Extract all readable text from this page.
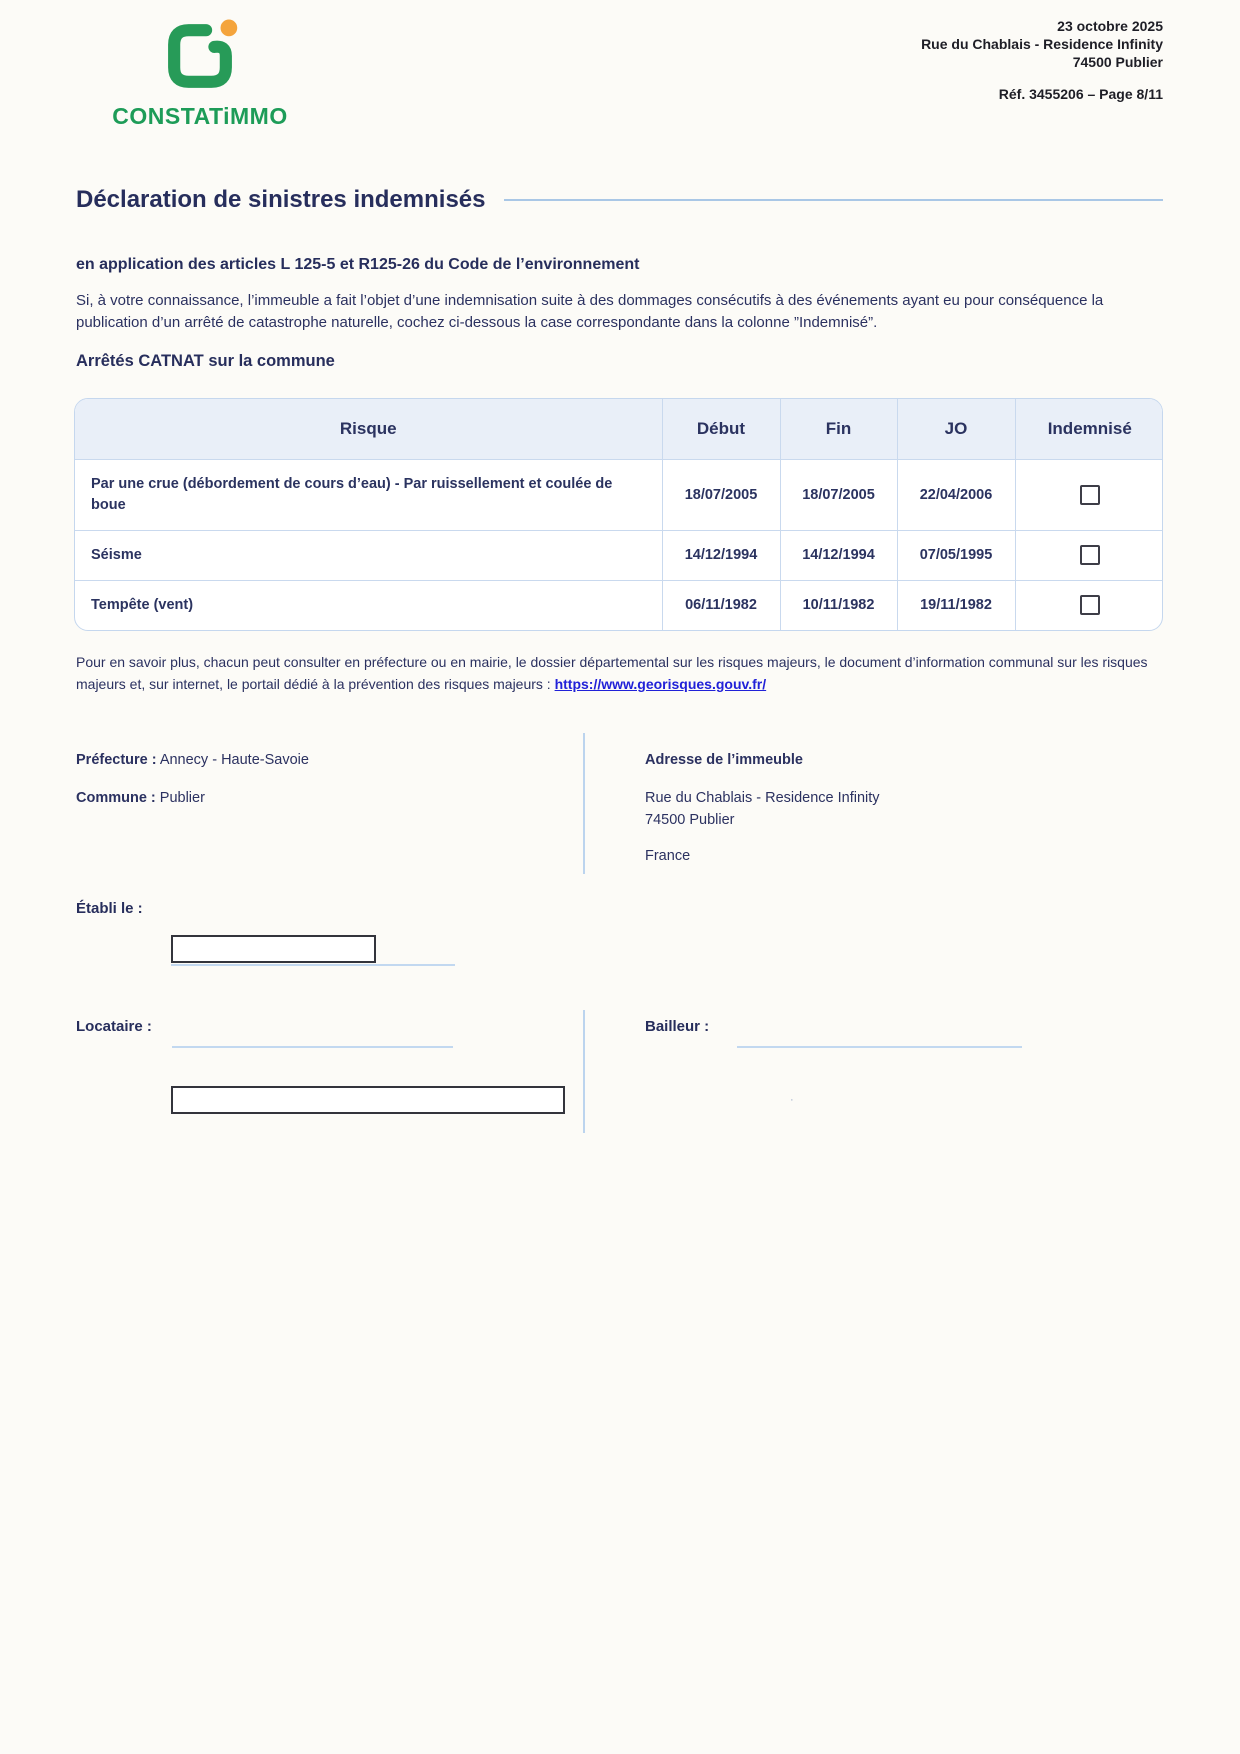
CONSTATiMMO
23 octobre 2025
Rue du Chablais - Residence Infinity
74500 Publier
Réf. 3455206 – Page 8/11
Déclaration de sinistres indemnisés
en application des articles L 125-5 et R125-26 du Code de l’environnement

Si, à votre connaissance, l’immeuble a fait l’objet d’une indemnisation suite à des dommages consécutifs à des événements ayant eu pour conséquence la publication d’un arrêté de catastrophe naturelle, cochez ci-dessous la case correspondante dans la colonne ”Indemnisé”.

Arrêtés CATNAT sur la commune
Risque	Début	Fin	JO	Indemnisé
Par une crue (débordement de cours d’eau) - Par ruissellement et coulée de boue	18/07/2005	18/07/2005	22/04/2006	
Séisme	14/12/1994	14/12/1994	07/05/1995	
Tempête (vent)	06/11/1982	10/11/1982	19/11/1982	

Pour en savoir plus, chacun peut consulter en préfecture ou en mairie, le dossier départemental sur les risques majeurs, le document d’information communal sur les risques majeurs et, sur internet, le portail dédié à la prévention des risques majeurs : https://www.georisques.gouv.fr/

Préfecture : Annecy - Haute-Savoie
Commune : Publier
Adresse de l’immeuble
Rue du Chablais - Residence Infinity
74500 Publier
France
Établi le :
Locataire :	Bailleur :
·
